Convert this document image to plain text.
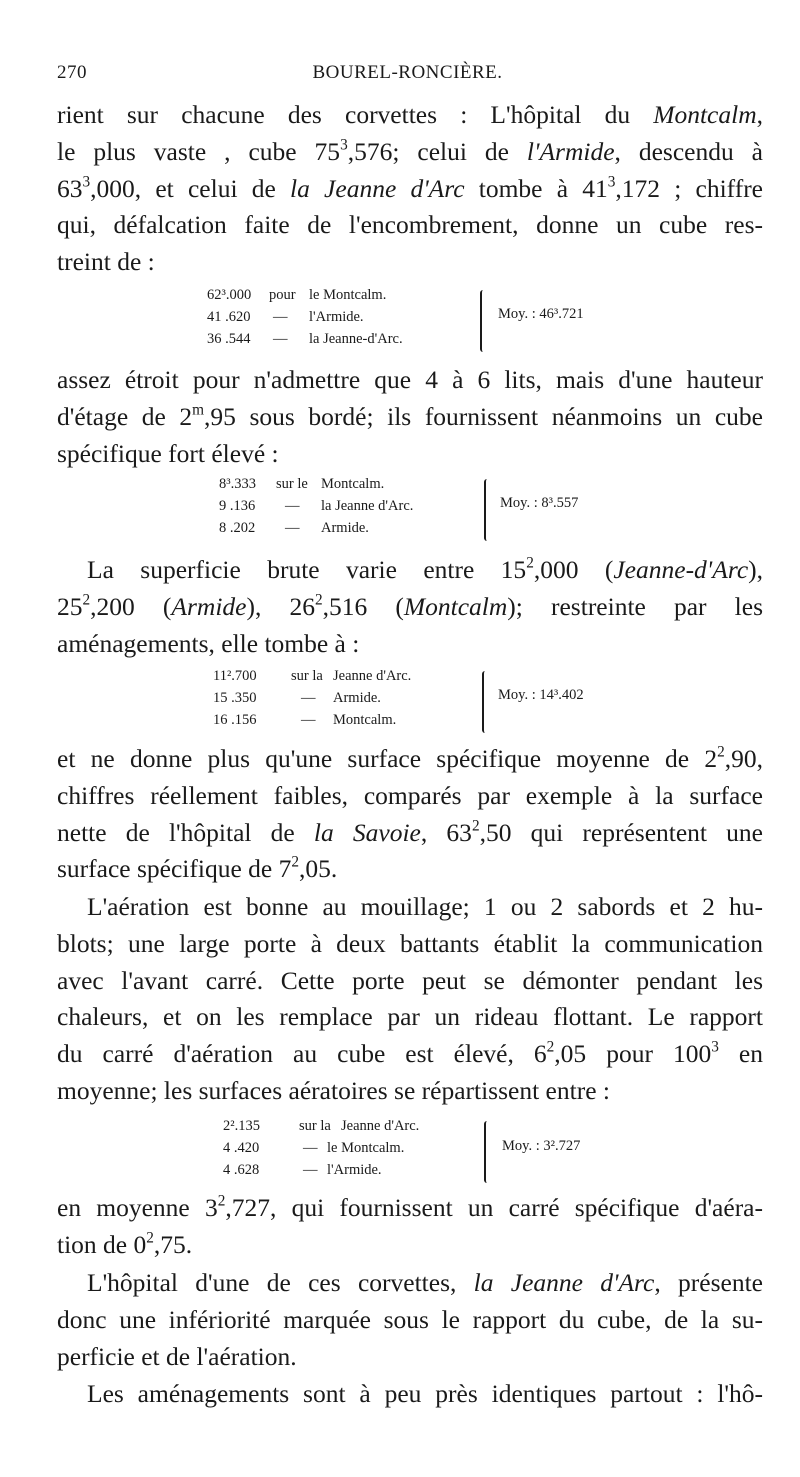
270	BOUREL-RONCIÈRE.
rient sur chacune des corvettes : L'hôpital du Montcalm,
le plus vaste , cube $75^3,576$; celui de l'Armide, descendu à
$63^3,000$, et celui de la Jeanne d'Arc tombe à $41^3,172$ ; chiffre
qui, défalcation faite de l'encombrement, donne un cube res-
treint de :
62³.000 pour le Montcalm.
41 .620 — l'Armide.
36 .544 — la Jeanne-d'Arc.
Moy. : 46³.721
assez étroit pour n'admettre que 4 à 6 lits, mais d'une hauteur
d'étage de 2$^m$,95 sous bordé; ils fournissent néanmoins un cube
spécifique fort élevé :
8³.333 sur le Montcalm.
9 .136 — la Jeanne d'Arc.
8 .202 — Armide.
Moy. : 8³.557
La superficie brute varie entre $15^2,000$ (Jeanne-d'Arc),
$25^2,200$ (Armide), $26^2,516$ (Montcalm); restreinte par les
aménagements, elle tombe à :
11².700 sur la Jeanne d'Arc.
15 .350	— Armide.
16 .156	— Montcalm.
Moy. : 14³.402
et ne donne plus qu'une surface spécifique moyenne de $2^2,90$,
chiffres réellement faibles, comparés par exemple à la surface
nette de l'hôpital de la Savoie, $63^2,50$ qui représentent une
surface spécifique de $7^2,05$.
L'aération est bonne au mouillage; 1 ou 2 sabords et 2 hu-
blots; une large porte à deux battants établit la communication
avec l'avant carré. Cette porte peut se démonter pendant les
chaleurs, et on les remplace par un rideau flottant. Le rapport
du carré d'aération au cube est élevé, $6^2,05$ pour $100^3$ en
moyenne; les surfaces aératoires se répartissent entre :
2².135	sur la Jeanne d'Arc.
4 .420	— le Montcalm.
4 .628	— l'Armide.
Moy. : 3².727
en moyenne $3^2,727$, qui fournissent un carré spécifique d'aéra-
tion de $0^2,75$.
L'hôpital d'une de ces corvettes, la Jeanne d'Arc, présente
donc une infériorité marquée sous le rapport du cube, de la su-
perficie et de l'aération.
Les aménagements sont à peu près identiques partout : l'hô-
